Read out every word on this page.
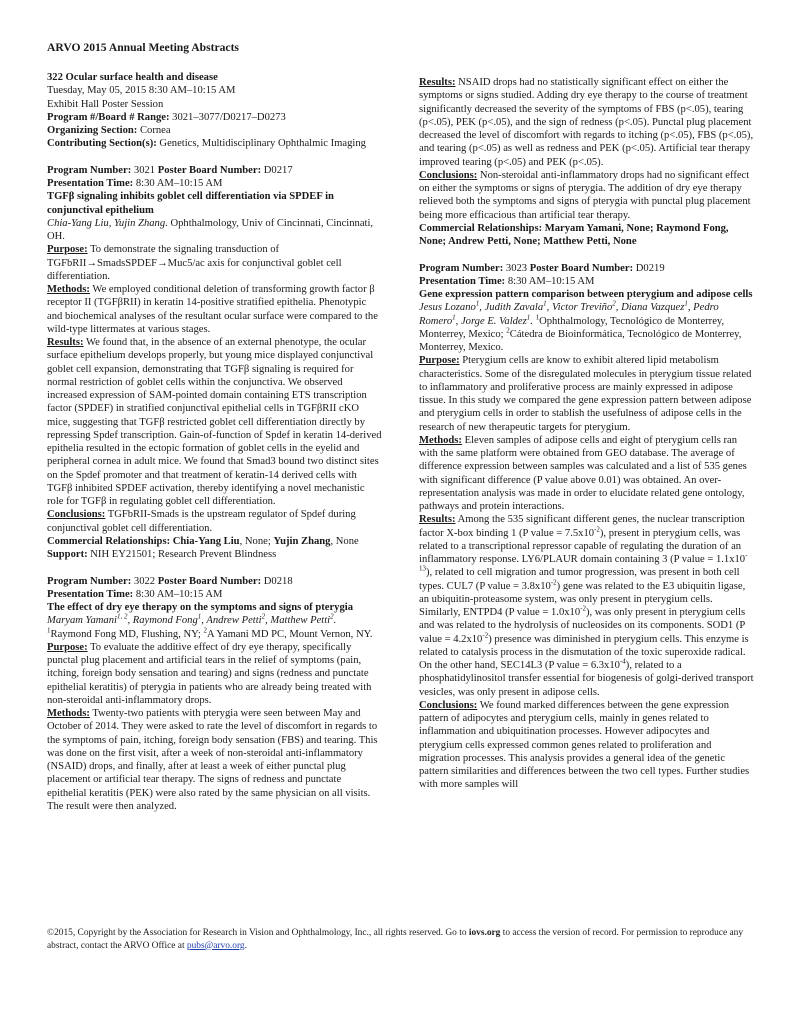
ARVO 2015 Annual Meeting Abstracts

322 Ocular surface health and disease
Tuesday, May 05, 2015 8:30 AM–10:15 AM
Exhibit Hall Poster Session
Program #/Board # Range: 3021–3077/D0217–D0273
Organizing Section: Cornea
Contributing Section(s): Genetics, Multidisciplinary Ophthalmic Imaging

Program Number: 3021 Poster Board Number: D0217
Presentation Time: 8:30 AM–10:15 AM
TGFβ signaling inhibits goblet cell differentiation via SPDEF in conjunctival epithelium
Chia-Yang Liu, Yujin Zhang. Ophthalmology, Univ of Cincinnati, Cincinnati, OH.
Purpose: To demonstrate the signaling transduction of TGFbRII→SmadsSPDEF→Muc5/ac axis for conjunctival goblet cell differentiation.
Methods: We employed conditional deletion of transforming growth factor β receptor II (TGFβRII) in keratin 14-positive stratified epithelia. Phenotypic and biochemical analyses of the resultant ocular surface were compared to the wild-type littermates at various stages.
Results: We found that, in the absence of an external phenotype, the ocular surface epithelium develops properly, but young mice displayed conjunctival goblet cell expansion, demonstrating that TGFβ signaling is required for normal restriction of goblet cells within the conjunctiva. We observed increased expression of SAM-pointed domain containing ETS transcription factor (SPDEF) in stratified conjunctival epithelial cells in TGFβRII cKO mice, suggesting that TGFβ restricted goblet cell differentiation directly by repressing Spdef transcription. Gain-of-function of Spdef in keratin 14-derived epithelia resulted in the ectopic formation of goblet cells in the eyelid and peripheral cornea in adult mice. We found that Smad3 bound two distinct sites on the Spdef promoter and that treatment of keratin-14 derived cells with TGFβ inhibited SPDEF activation, thereby identifying a novel mechanistic role for TGFβ in regulating goblet cell differentiation.
Conclusions: TGFbRII-Smads is the upstream regulator of Spdef during conjunctival goblet cell differentiation.
Commercial Relationships: Chia-Yang Liu, None; Yujin Zhang, None
Support: NIH EY21501; Research Prevent Blindness

Program Number: 3022 Poster Board Number: D0218
Presentation Time: 8:30 AM–10:15 AM
The effect of dry eye therapy on the symptoms and signs of pterygia
Maryam Yamani$^{1, 2}$, Raymond Fong$^1$, Andrew Petti$^2$, Matthew Petti$^2$. $^1$Raymond Fong MD, Flushing, NY; $^2$A Yamani MD PC, Mount Vernon, NY.
Purpose: To evaluate the additive effect of dry eye therapy, specifically punctal plug placement and artificial tears in the relief of symptoms (pain, itching, foreign body sensation and tearing) and signs (redness and punctate epithelial keratitis) of pterygia in patients who are already being treated with non-steroidal anti-inflammatory drops.
Methods: Twenty-two patients with pterygia were seen between May and October of 2014. They were asked to rate the level of discomfort in regards to the symptoms of pain, itching, foreign body sensation (FBS) and tearing. This was done on the first visit, after a week of non-steroidal anti-inflammatory (NSAID) drops, and finally, after at least a week of either punctal plug placement or artificial tear therapy. The signs of redness and punctate epithelial keratitis (PEK) were also rated by the same physician on all visits. The result were then analyzed.

Results: NSAID drops had no statistically significant effect on either the symptoms or signs studied. Adding dry eye therapy to the course of treatment significantly decreased the severity of the symptoms of FBS (p<.05), tearing (p<.05), PEK (p<.05), and the sign of redness (p<.05). Punctal plug placement decreased the level of discomfort with regards to itching (p<.05), FBS (p<.05), and tearing (p<.05) as well as redness and PEK (p<.05). Artificial tear therapy improved tearing (p<.05) and PEK (p<.05).
Conclusions: Non-steroidal anti-inflammatory drops had no significant effect on either the symptoms or signs of pterygia. The addition of dry eye therapy relieved both the symptoms and signs of pterygia with punctal plug placement being more efficacious than artificial tear therapy.
Commercial Relationships: Maryam Yamani, None; Raymond Fong, None; Andrew Petti, None; Matthew Petti, None

Program Number: 3023 Poster Board Number: D0219
Presentation Time: 8:30 AM–10:15 AM
Gene expression pattern comparison between pterygium and adipose cells
Jesus Lozano$^1$, Judith Zavala$^1$, Victor Treviño$^2$, Diana Vazquez$^1$, Pedro Romero$^1$, Jorge E. Valdez$^1$. $^1$Ophthalmology, Tecnológico de Monterrey, Monterrey, Mexico; $^2$Cátedra de Bioinformática, Tecnológico de Monterrey, Monterrey, Mexico.
Purpose: Pterygium cells are know to exhibit altered lipid metabolism characteristics. Some of the disregulated molecules in pterygium tissue related to inflammatory and proliferative process are mainly expressed in adipose tissue. In this study we compared the gene expression pattern between adipose and pterygium cells in order to stablish the usefulness of adipose cells in the research of new therapeutic targets for pterygium.
Methods: Eleven samples of adipose cells and eight of pterygium cells ran with the same platform were obtained from GEO database. The average of difference expression between samples was calculated and a list of 535 genes with significant difference (P value above 0.01) was obtained. An over-representation analysis was made in order to elucidate related gene ontology, pathways and protein interactions.
Results: Among the 535 significant different genes, the nuclear transcription factor X-box binding 1 (P value = $7.5x10^{-2}$), present in pterygium cells, was related to a transcriptional repressor capable of regulating the duration of an inflammatory response. LY6/PLAUR domain containing 3 (P value = $1.1x10^{-13}$), related to cell migration and tumor progression, was present in both cell types. CUL7 (P value = $3.8x10^{-2}$) gene was related to the E3 ubiquitin ligase, an ubiquitin-proteasome system, was only present in pterygium cells. Similarly, ENTPD4 (P value = $1.0x10^{-2}$), was only present in pterygium cells and was related to the hydrolysis of nucleosides on its components. SOD1 (P value = $4.2x10^{-2}$) presence was diminished in pterygium cells. This enzyme is related to catalysis process in the dismutation of the toxic superoxide radical. On the other hand, SEC14L3 (P value = $6.3x10^{-4}$), related to a phosphatidylinositol transfer essential for biogenesis of golgi-derived transport vesicles, was only present in adipose cells.
Conclusions: We found marked differences between the gene expression pattern of adipocytes and pterygium cells, mainly in genes related to inflammation and ubiquitination processes. However adipocytes and pterygium cells expressed common genes related to proliferation and migration processes. This analysis provides a general idea of the genetic pattern similarities and differences between the two cell types. Further studies with more samples will

©2015, Copyright by the Association for Research in Vision and Ophthalmology, Inc., all rights reserved. Go to iovs.org to access the version of record. For permission to reproduce any abstract, contact the ARVO Office at pubs@arvo.org.
